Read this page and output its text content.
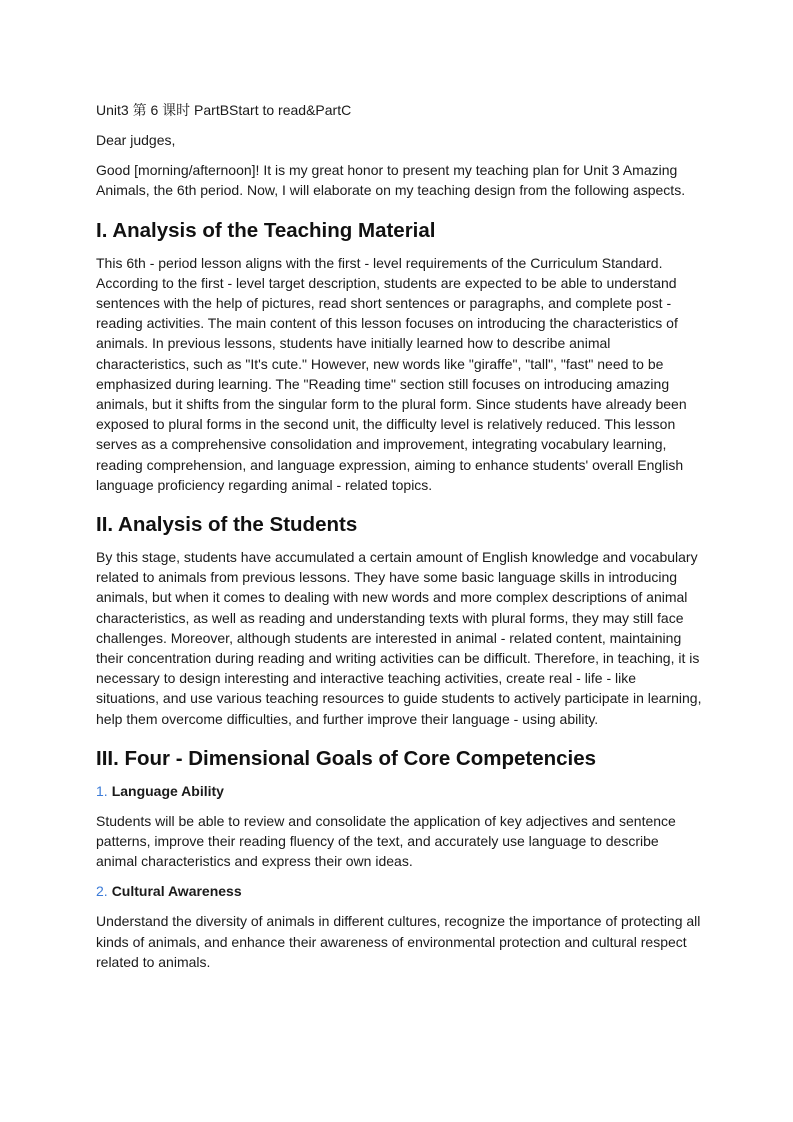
Unit3 第 6 课时 PartBStart to read&PartC

Dear judges,

Good [morning/afternoon]! It is my great honor to present my teaching plan for Unit 3 Amazing Animals, the 6th period. Now, I will elaborate on my teaching design from the following aspects.

I. Analysis of the Teaching Material

This 6th - period lesson aligns with the first - level requirements of the Curriculum Standard. According to the first - level target description, students are expected to be able to understand sentences with the help of pictures, read short sentences or paragraphs, and complete post - reading activities. The main content of this lesson focuses on introducing the characteristics of animals. In previous lessons, students have initially learned how to describe animal characteristics, such as "It's cute." However, new words like "giraffe", "tall", "fast" need to be emphasized during learning. The "Reading time" section still focuses on introducing amazing animals, but it shifts from the singular form to the plural form. Since students have already been exposed to plural forms in the second unit, the difficulty level is relatively reduced. This lesson serves as a comprehensive consolidation and improvement, integrating vocabulary learning, reading comprehension, and language expression, aiming to enhance students' overall English language proficiency regarding animal - related topics.

II. Analysis of the Students

By this stage, students have accumulated a certain amount of English knowledge and vocabulary related to animals from previous lessons. They have some basic language skills in introducing animals, but when it comes to dealing with new words and more complex descriptions of animal characteristics, as well as reading and understanding texts with plural forms, they may still face challenges. Moreover, although students are interested in animal - related content, maintaining their concentration during reading and writing activities can be difficult. Therefore, in teaching, it is necessary to design interesting and interactive teaching activities, create real - life - like situations, and use various teaching resources to guide students to actively participate in learning, help them overcome difficulties, and further improve their language - using ability.

III. Four - Dimensional Goals of Core Competencies
1. Language Ability

Students will be able to review and consolidate the application of key adjectives and sentence patterns, improve their reading fluency of the text, and accurately use language to describe animal characteristics and express their own ideas.

2. Cultural Awareness

Understand the diversity of animals in different cultures, recognize the importance of protecting all kinds of animals, and enhance their awareness of environmental protection and cultural respect related to animals.
